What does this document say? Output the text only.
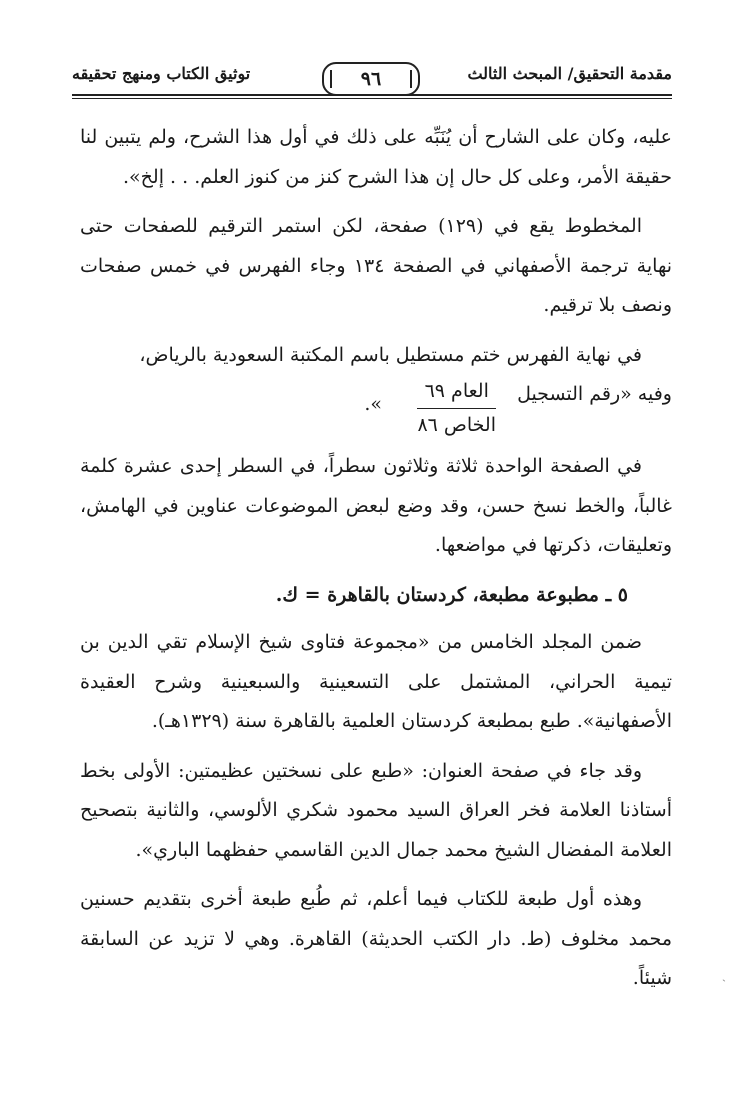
مقدمة التحقيق/ المبحث الثالث
٩٦
توثيق الكتاب ومنهج تحقيقه

عليه، وكان على الشارح أن يُنَبِّه على ذلك في أول هذا الشرح، ولم يتبين لنا حقيقة الأمر، وعلى كل حال إن هذا الشرح كنز من كنوز العلم. . . إلخ».

المخطوط يقع في (١٢٩) صفحة، لكن استمر الترقيم للصفحات حتى نهاية ترجمة الأصفهاني في الصفحة ١٣٤ وجاء الفهرس في خمس صفحات ونصف بلا ترقيم.

في نهاية الفهرس ختم مستطيل باسم المكتبة السعودية بالرياض،

وفيه «رقم التسجيل
العام ٦٩
الخاص ٨٦
».

في الصفحة الواحدة ثلاثة وثلاثون سطراً، في السطر إحدى عشرة كلمة غالباً، والخط نسخ حسن، وقد وضع لبعض الموضوعات عناوين في الهامش، وتعليقات، ذكرتها في مواضعها.

٥ ـ مطبوعة مطبعة، كردستان بالقاهرة = ك.

ضمن المجلد الخامس من «مجموعة فتاوى شيخ الإسلام تقي الدين بن تيمية الحراني، المشتمل على التسعينية والسبعينية وشرح العقيدة الأصفهانية». طبع بمطبعة كردستان العلمية بالقاهرة سنة (١٣٢٩هـ).

وقد جاء في صفحة العنوان: «طبع على نسختين عظيمتين: الأولى بخط أستاذنا العلامة فخر العراق السيد محمود شكري الألوسي، والثانية بتصحيح العلامة المفضال الشيخ محمد جمال الدين القاسمي حفظهما الباري».

وهذه أول طبعة للكتاب فيما أعلم، ثم طُبع طبعة أخرى بتقديم حسنين محمد مخلوف (ط. دار الكتب الحديثة) القاهرة. وهي لا تزيد عن السابقة شيئاً.	ˏ
